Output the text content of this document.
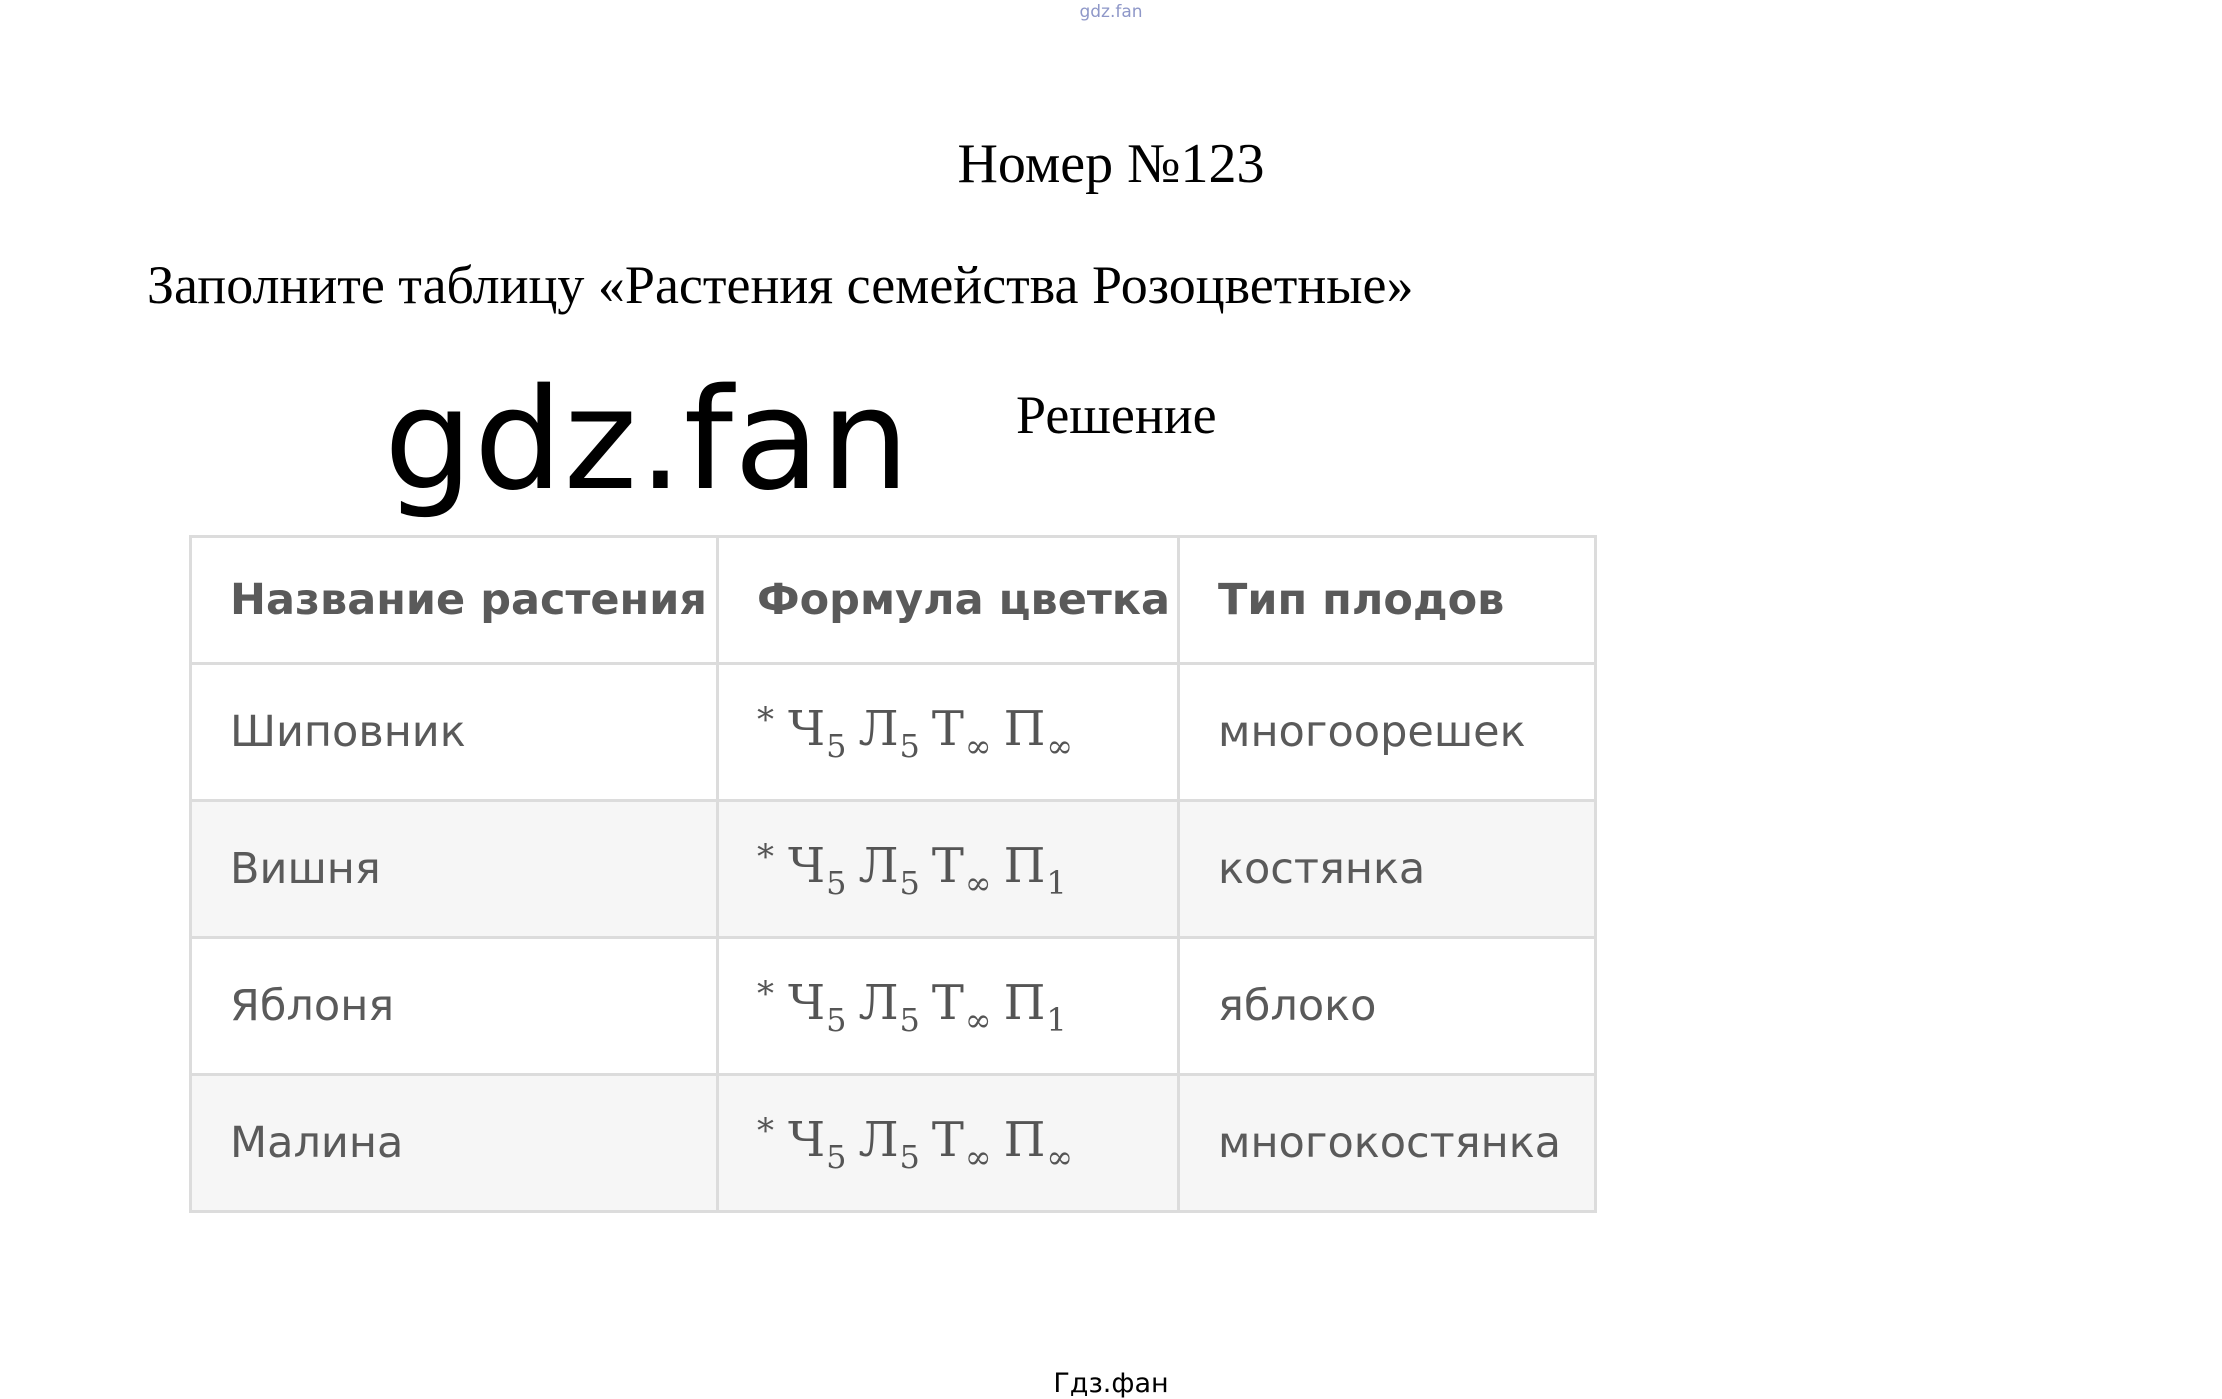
gdz.fan
Номер №123
Заполните таблицу «Растения семейства Розоцветные»
gdz.fan Решение
Название растения	Формула цветка	Тип плодов
Шиповник	* $Ч_5$ $Л_5$ $Т_\infty$ $П_\infty$	многоорешек
Вишня	* $Ч_5$ $Л_5$ $Т_\infty$ $П_1$	костянка
Яблоня	* $Ч_5$ $Л_5$ $Т_\infty$ $П_1$	яблоко
Малина	* $Ч_5$ $Л_5$ $Т_\infty$ $П_\infty$	многокостянка
Гдз.фан
